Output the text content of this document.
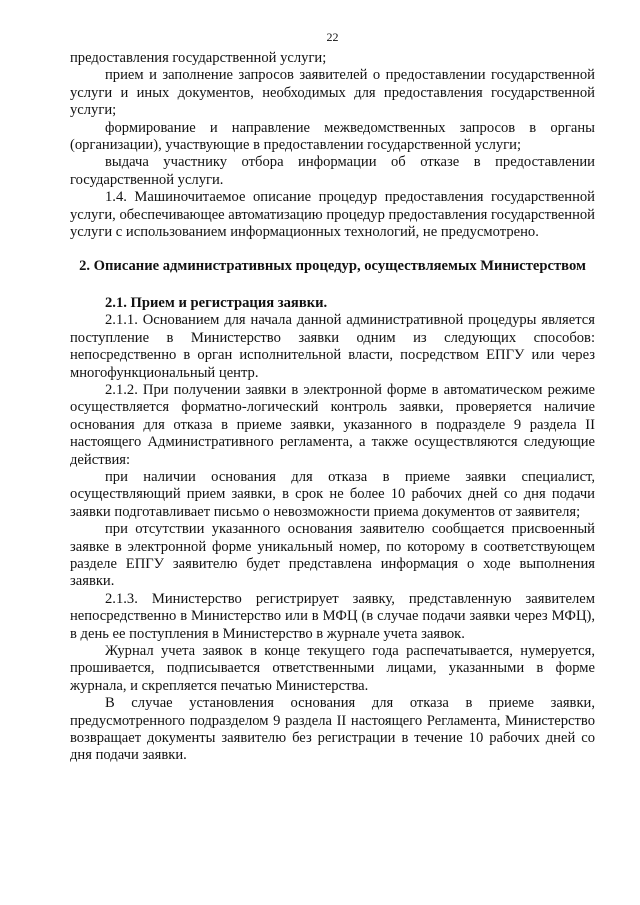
22

предоставления государственной услуги;

прием и заполнение запросов заявителей о предоставлении государственной услуги и иных документов, необходимых для предоставления государственной услуги;

формирование и направление межведомственных запросов в органы (организации), участвующие в предоставлении государственной услуги;

выдача участнику отбора информации об отказе в предоставлении государственной услуги.

1.4. Машиночитаемое описание процедур предоставления государственной услуги, обеспечивающее автоматизацию процедур предоставления государственной услуги с использованием информационных технологий, не предусмотрено.

2. Описание административных процедур, осуществляемых Министерством
2.1. Прием и регистрация заявки.

2.1.1. Основанием для начала данной административной процедуры является поступление в Министерство заявки одним из следующих способов: непосредственно в орган исполнительной власти, посредством ЕПГУ или через многофункциональный центр.

2.1.2. При получении заявки в электронной форме в автоматическом режиме осуществляется форматно-логический контроль заявки, проверяется наличие основания для отказа в приеме заявки, указанного в подразделе 9 раздела II настоящего Административного регламента, а также осуществляются следующие действия:

при наличии основания для отказа в приеме заявки специалист, осуществляющий прием заявки, в срок не более 10 рабочих дней со дня подачи заявки подготавливает письмо о невозможности приема документов от заявителя;

при отсутствии указанного основания заявителю сообщается присвоенный заявке в электронной форме уникальный номер, по которому в соответствующем разделе ЕПГУ заявителю будет представлена информация о ходе выполнения заявки.

2.1.3. Министерство регистрирует заявку, представленную заявителем непосредственно в Министерство или в МФЦ (в случае подачи заявки через МФЦ), в день ее поступления в Министерство в журнале учета заявок.

Журнал учета заявок в конце текущего года распечатывается, нумеруется, прошивается, подписывается ответственными лицами, указанными в форме журнала, и скрепляется печатью Министерства.

В случае установления основания для отказа в приеме заявки, предусмотренного подразделом 9 раздела II настоящего Регламента, Министерство возвращает документы заявителю без регистрации в течение 10 рабочих дней со дня подачи заявки.
